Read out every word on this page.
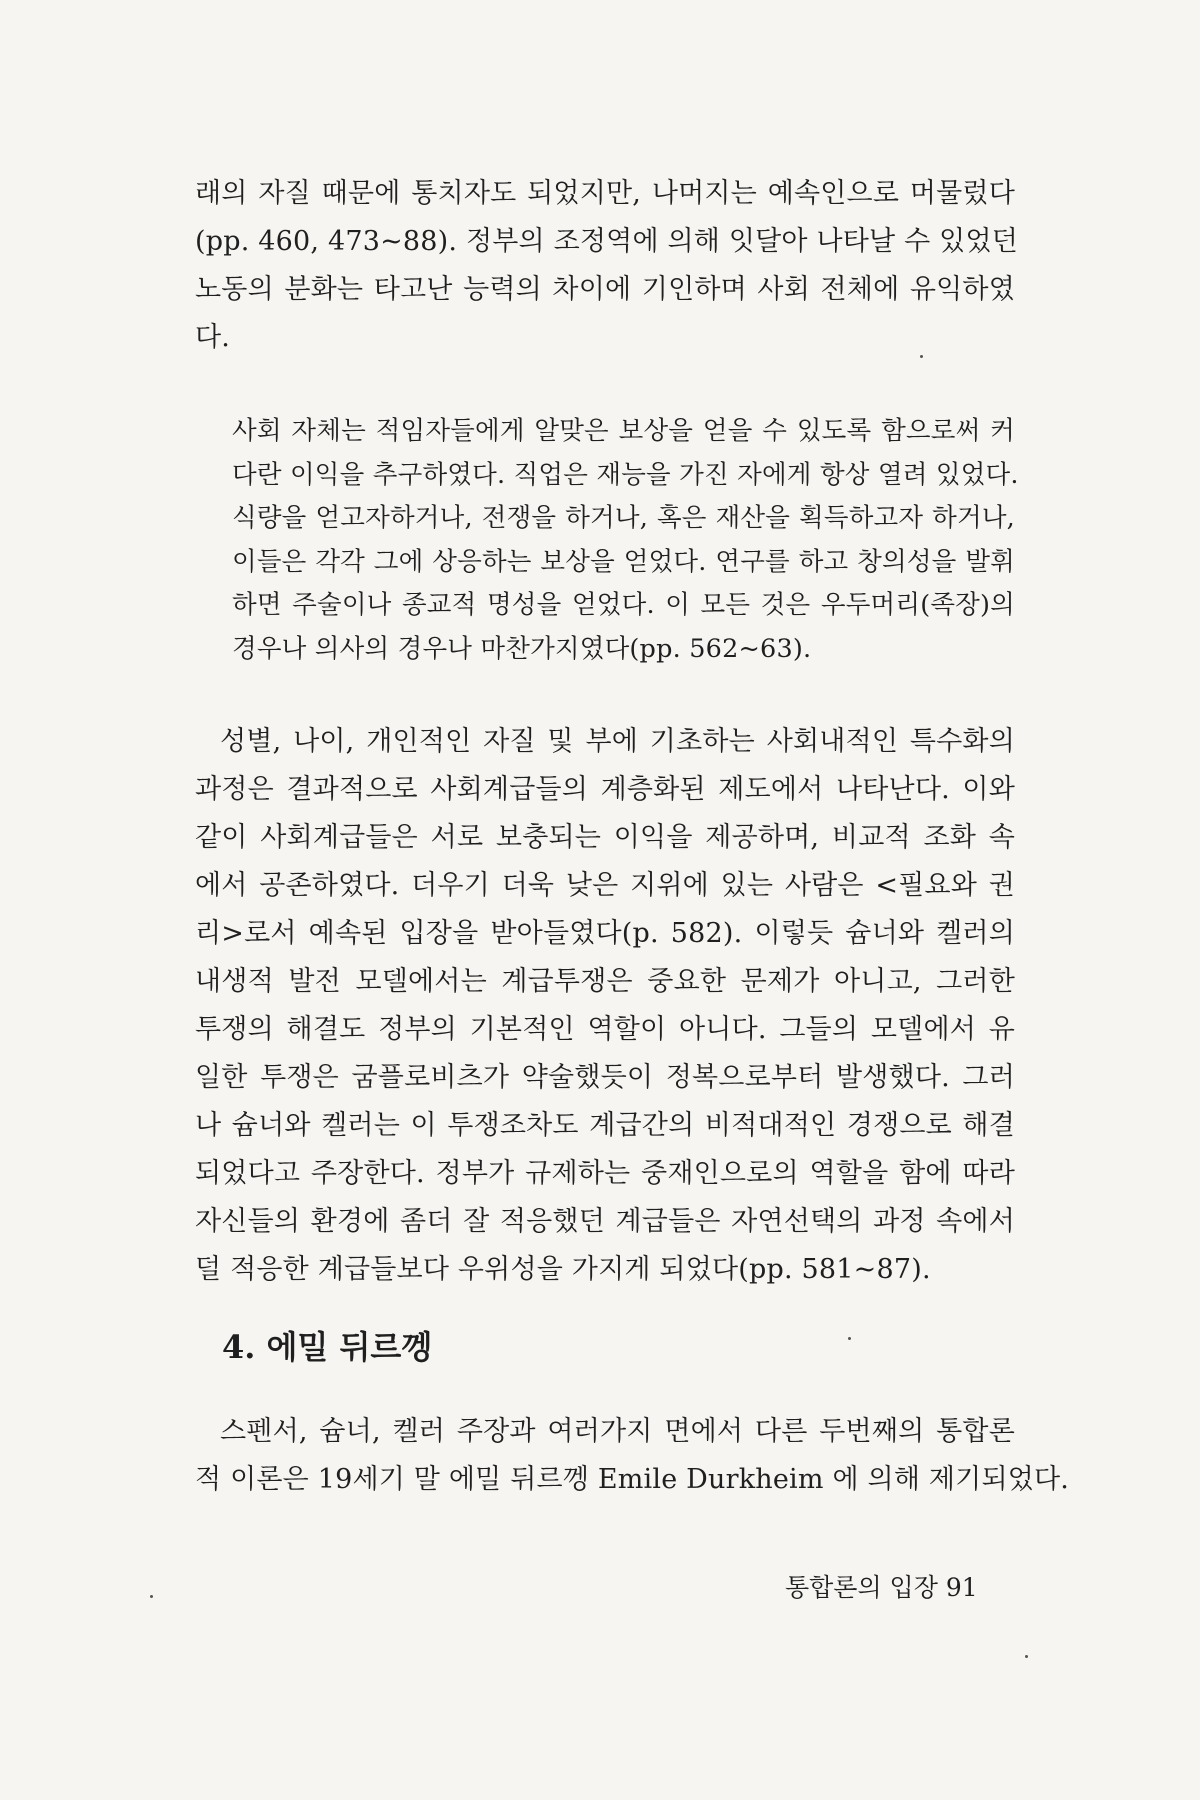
래의 자질 때문에 통치자도 되었지만, 나머지는 예속인으로 머물렀다
(pp. 460, 473~88). 정부의 조정역에 의해 잇달아 나타날 수 있었던
노동의 분화는 타고난 능력의 차이에 기인하며 사회 전체에 유익하였
다.
사회 자체는 적임자들에게 알맞은 보상을 얻을 수 있도록 함으로써 커
다란 이익을 추구하였다. 직업은 재능을 가진 자에게 항상 열려 있었다.
식량을 얻고자하거나, 전쟁을 하거나, 혹은 재산을 획득하고자 하거나,
이들은 각각 그에 상응하는 보상을 얻었다. 연구를 하고 창의성을 발휘
하면 주술이나 종교적 명성을 얻었다. 이 모든 것은 우두머리(족장)의
경우나 의사의 경우나 마찬가지였다(pp. 562~63).
성별, 나이, 개인적인 자질 및 부에 기초하는 사회내적인 특수화의
과정은 결과적으로 사회계급들의 계층화된 제도에서 나타난다. 이와
같이 사회계급들은 서로 보충되는 이익을 제공하며, 비교적 조화 속
에서 공존하였다. 더우기 더욱 낮은 지위에 있는 사람은 <필요와 권
리>로서 예속된 입장을 받아들였다(p. 582). 이렇듯 슘너와 켈러의
내생적 발전 모델에서는 계급투쟁은 중요한 문제가 아니고, 그러한
투쟁의 해결도 정부의 기본적인 역할이 아니다. 그들의 모델에서 유
일한 투쟁은 굼플로비츠가 약술했듯이 정복으로부터 발생했다. 그러
나 슘너와 켈러는 이 투쟁조차도 계급간의 비적대적인 경쟁으로 해결
되었다고 주장한다. 정부가 규제하는 중재인으로의 역할을 함에 따라
자신들의 환경에 좀더 잘 적응했던 계급들은 자연선택의 과정 속에서
덜 적응한 계급들보다 우위성을 가지게 되었다(pp. 581~87).
4. 에밀 뒤르껭
스펜서, 슘너, 켈러 주장과 여러가지 면에서 다른 두번째의 통합론
적 이론은 19세기 말 에밀 뒤르껭 Emile Durkheim 에 의해 제기되었다.
통합론의 입장 91
